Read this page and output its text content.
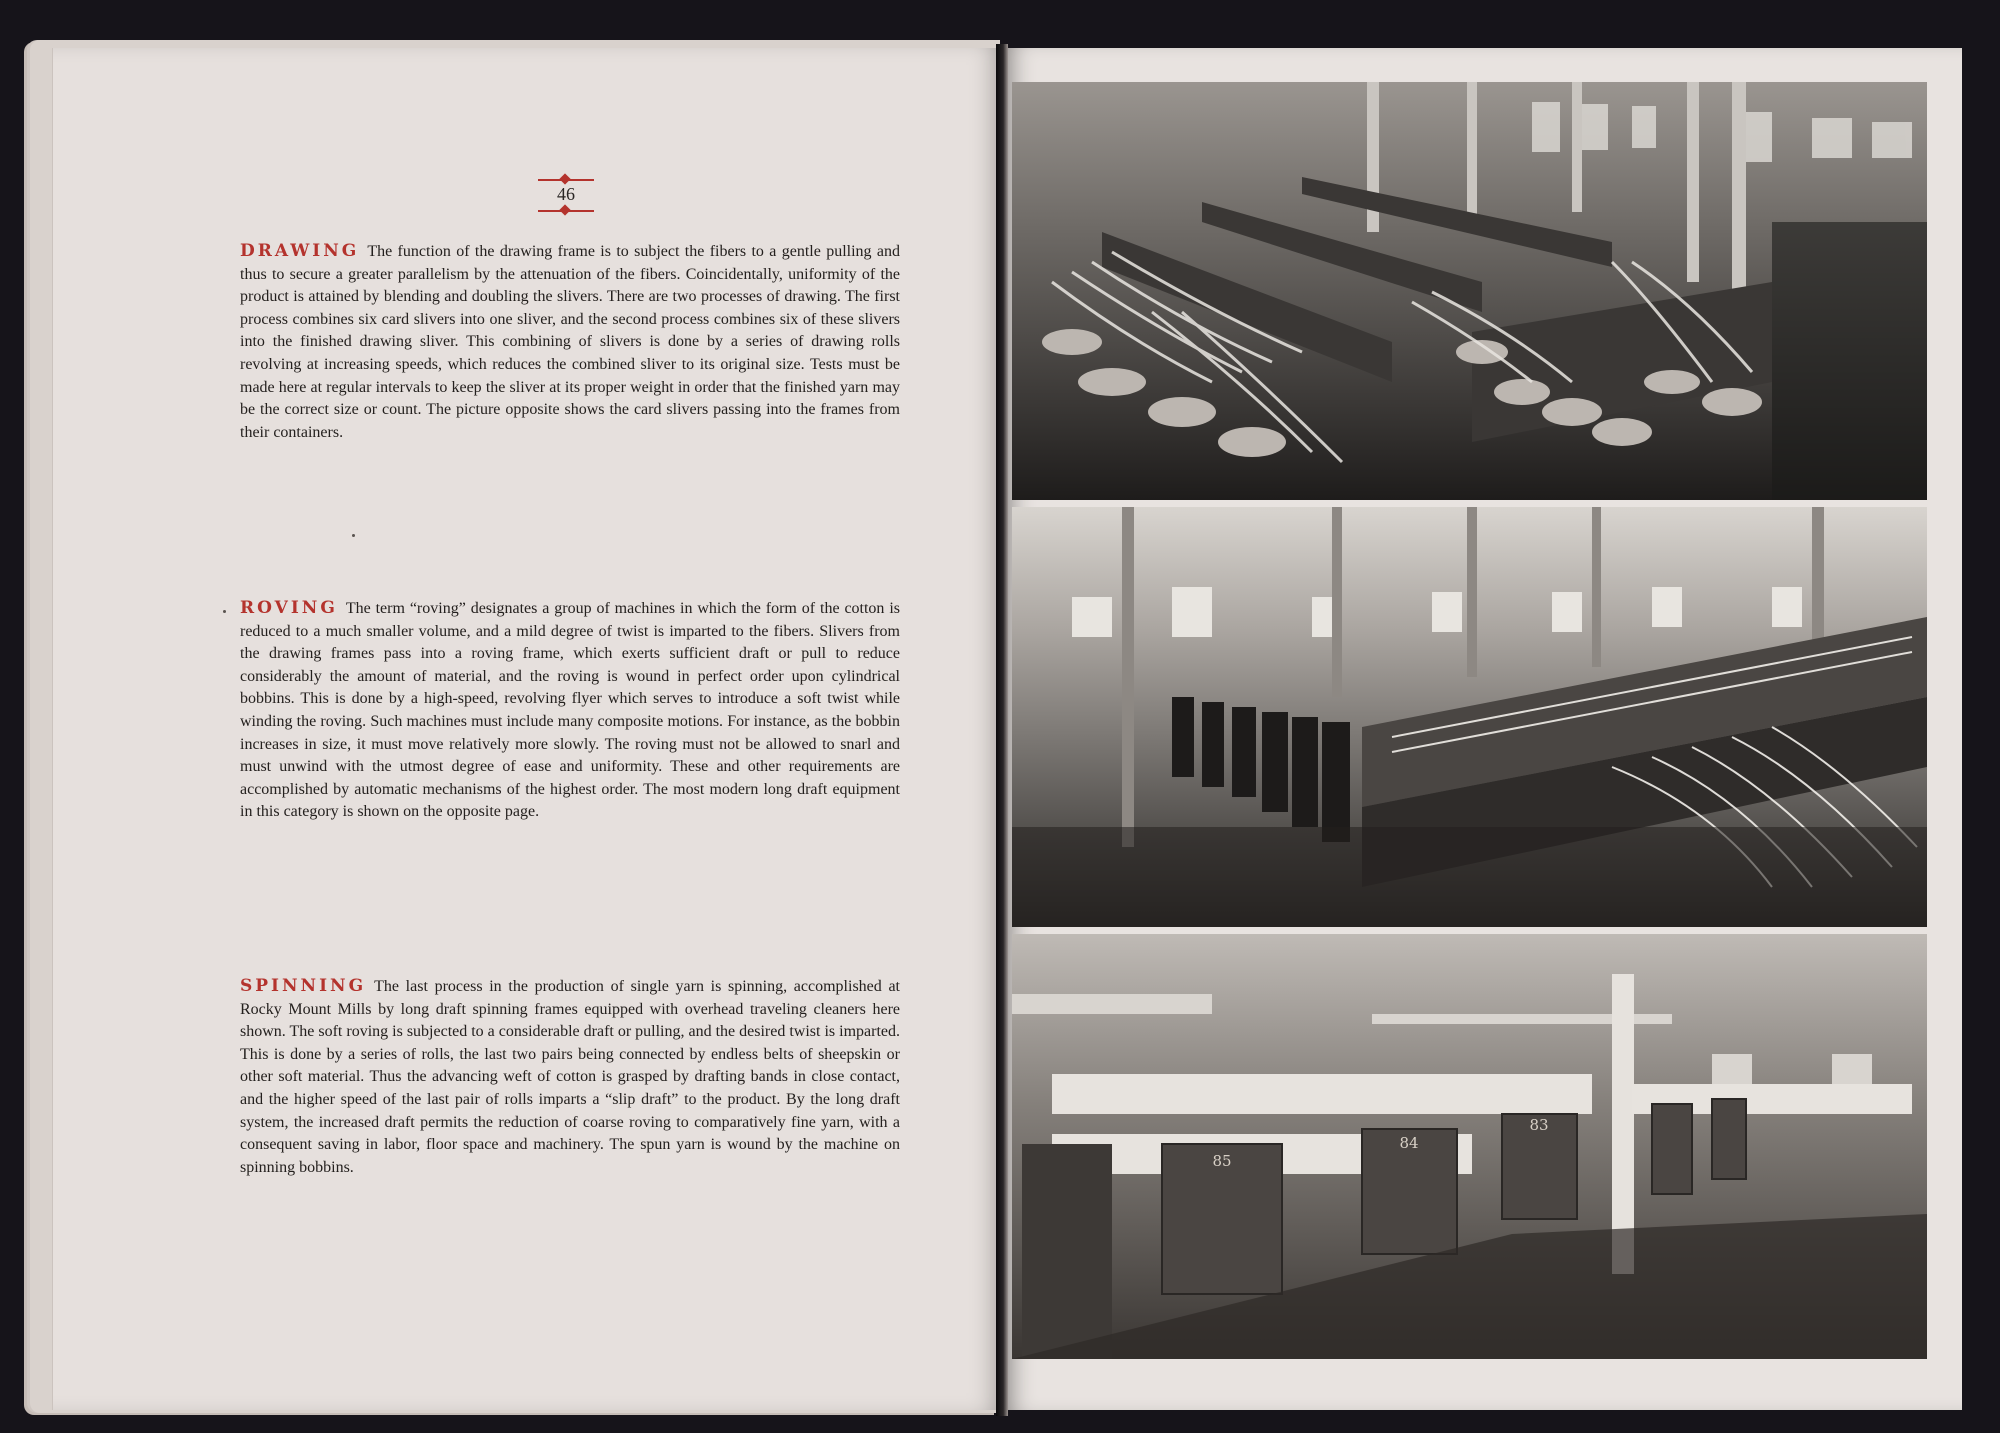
46
DRAWING The function of the drawing frame is to subject the fibers to a gentle pulling and thus to secure a greater parallelism by the attenuation of the fibers. Coincidentally, uniformity of the product is attained by blending and doubling the slivers. There are two processes of drawing. The first process combines six card slivers into one sliver, and the second process combines six of these slivers into the finished drawing sliver. This combining of slivers is done by a series of drawing rolls revolving at increasing speeds, which reduces the combined sliver to its original size. Tests must be made here at regular intervals to keep the sliver at its proper weight in order that the finished yarn may be the correct size or count. The picture opposite shows the card slivers passing into the frames from their containers.
ROVING The term “roving” designates a group of machines in which the form of the cotton is reduced to a much smaller volume, and a mild degree of twist is imparted to the fibers. Slivers from the drawing frames pass into a roving frame, which exerts sufficient draft or pull to reduce considerably the amount of material, and the roving is wound in perfect order upon cylindrical bobbins. This is done by a high-speed, revolving flyer which serves to introduce a soft twist while winding the roving. Such machines must include many composite motions. For instance, as the bobbin increases in size, it must move relatively more slowly. The roving must not be allowed to snarl and must unwind with the utmost degree of ease and uniformity. These and other requirements are accomplished by automatic mechanisms of the highest order. The most modern long draft equipment in this category is shown on the opposite page.
SPINNING The last process in the production of single yarn is spinning, accomplished at Rocky Mount Mills by long draft spinning frames equipped with overhead traveling cleaners here shown. The soft roving is subjected to a considerable draft or pulling, and the desired twist is imparted. This is done by a series of rolls, the last two pairs being connected by endless belts of sheepskin or other soft material. Thus the advancing weft of cotton is grasped by drafting bands in close contact, and the higher speed of the last pair of rolls imparts a “slip draft” to the product. By the long draft system, the increased draft permits the reduction of coarse roving to comparatively fine yarn, with a consequent saving in labor, floor space and machinery. The spun yarn is wound by the machine on spinning bobbins.	85
84
83
